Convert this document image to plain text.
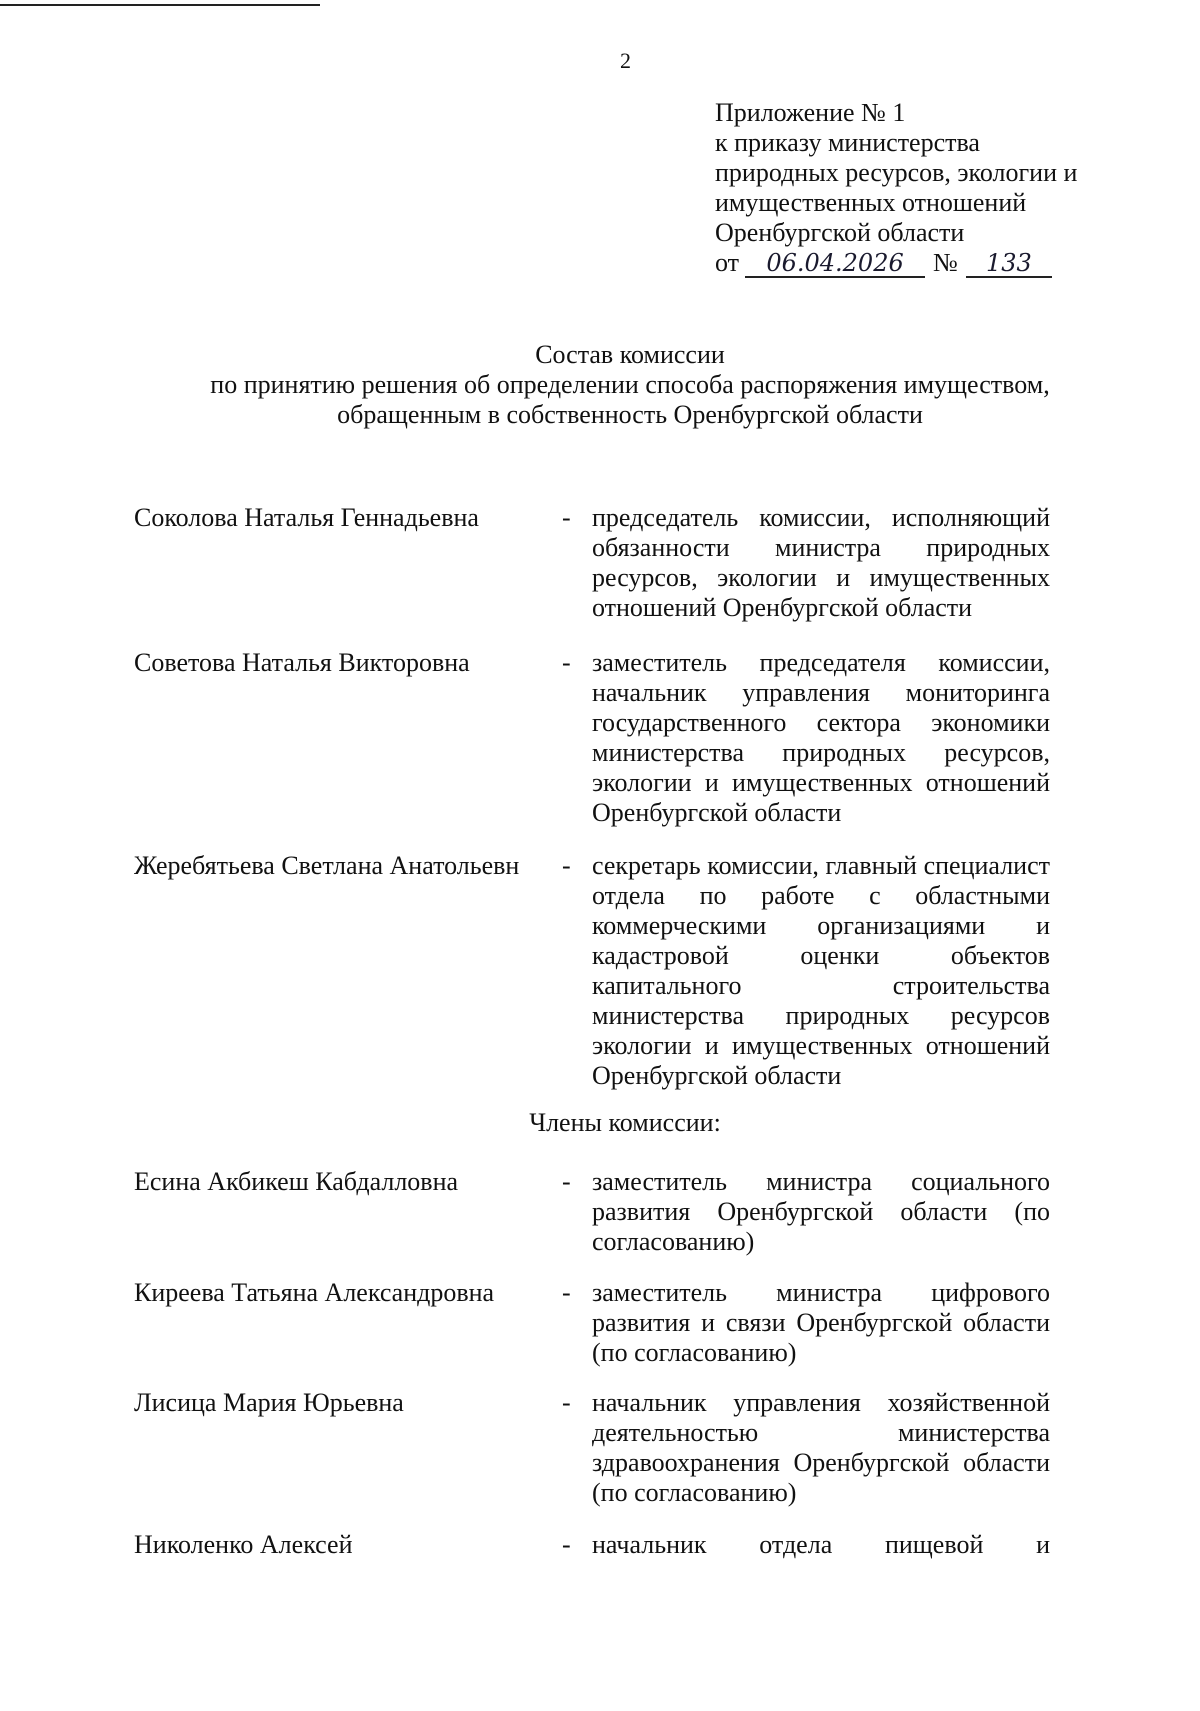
2
Приложение № 1
к приказу министерства
природных ресурсов, экологии и
имущественных отношений
Оренбургской области
от 06.04.2026 № 133
Состав комиссии
по принятию решения об определении способа распоряжения имуществом,
обращенным в собственность Оренбургской области
Соколова Наталья Геннадьевна	- председатель комиссии, исполняющий обязанности министра природных ресурсов, экологии и имущественных отношений Оренбургской области
Советова Наталья Викторовна	- заместитель председателя комиссии, начальник управления мониторинга государственного сектора экономики министерства природных ресурсов, экологии и имущественных отношений Оренбургской области
Жеребятьева Светлана Анатольевн - секретарь комиссии, главный специалист отдела по работе с областными коммерческими организациями и кадастровой оценки объектов капитального строительства министерства природных ресурсов экологии и имущественных отношений Оренбургской области
Члены комиссии:
Есина Акбикеш Кабдалловна	- заместитель министра социального развития Оренбургской области (по согласованию)
Киреева Татьяна Александровна	- заместитель министра цифрового развития и связи Оренбургской области (по согласованию)
Лисица Мария Юрьевна	- начальник управления хозяйственной деятельностью министерства здравоохранения Оренбургской области (по согласованию)
Николенко Алексей	- начальник отдела пищевой и
